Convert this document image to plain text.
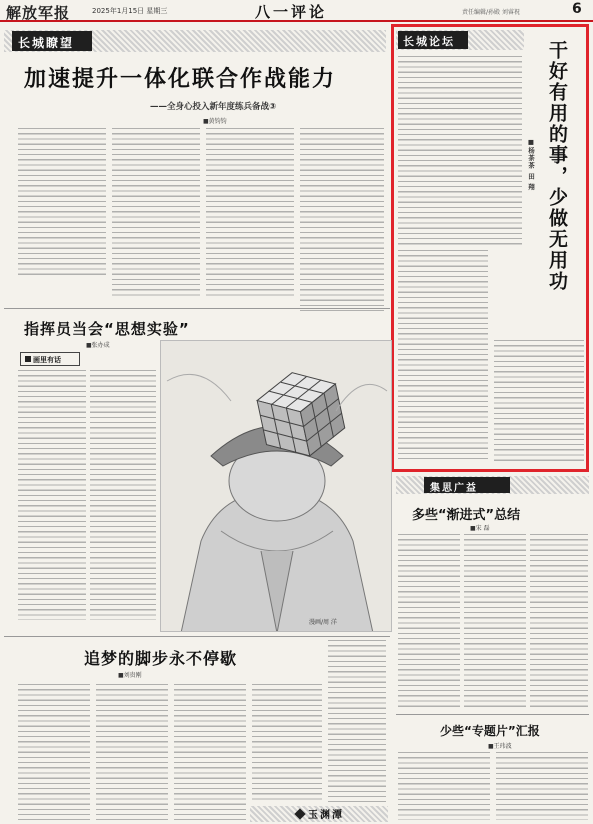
解放军报	2025年1月15日 星期三	八一评论	责任编辑/孙殿 刘睿祝	6
长城瞭望
加速提升一体化联合作战能力
——全身心投入新年度练兵备战③
■黄钧钧
长城论坛	干好有用的事，少做无用功
■杨茶茶 田 翔
指挥员当会“思想实验”
■张办成
画里有话
漫画/周 洋
集思广益
多些“渐进式”总结
■宋 磊
少些“专题片”汇报
■王玮波
追梦的脚步永不停歇
■刘贵刚
玉渊潭
